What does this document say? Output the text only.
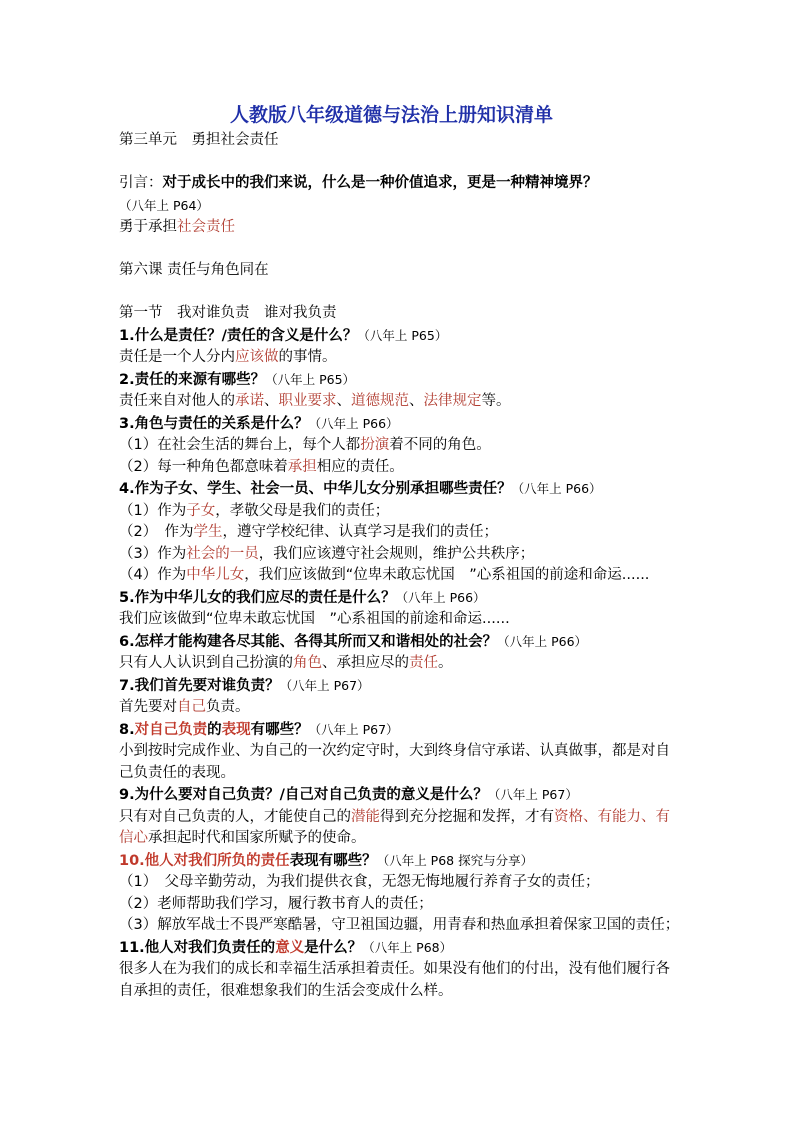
人教版八年级道德与法治上册知识清单
第三单元　勇担社会责任
引言：对于成长中的我们来说，什么是一种价值追求，更是一种精神境界？（八年上 P64）
勇于承担社会责任
第六课 责任与角色同在
第一节　我对谁负责　谁对我负责
1.什么是责任？/责任的含义是什么？（八年上 P65）
责任是一个人分内应该做的事情。
2.责任的来源有哪些？（八年上 P65）
责任来自对他人的承诺、职业要求、道德规范、法律规定等。
3.角色与责任的关系是什么？（八年上 P66）
（1）在社会生活的舞台上，每个人都扮演着不同的角色。
（2）每一种角色都意味着承担相应的责任。
4.作为子女、学生、社会一员、中华儿女分别承担哪些责任？（八年上 P66）
（1）作为子女，孝敬父母是我们的责任；
（2）　作为学生，遵守学校纪律、认真学习是我们的责任；
（3）作为社会的一员，我们应该遵守社会规则，维护公共秩序；
（4）作为中华儿女，我们应该做到“位卑未敢忘忧国　”心系祖国的前途和命运......
5.作为中华儿女的我们应尽的责任是什么？（八年上 P66）
我们应该做到“位卑未敢忘忧国　”心系祖国的前途和命运......
6.怎样才能构建各尽其能、各得其所而又和谐相处的社会？（八年上 P66）
只有人人认识到自己扮演的角色、承担应尽的责任。
7.我们首先要对谁负责？（八年上 P67）
首先要对自己负责。
8.对自己负责的表现有哪些？（八年上 P67）
小到按时完成作业、为自己的一次约定守时，大到终身信守承诺、认真做事，都是对自己负责任的表现。
9.为什么要对自己负责？/自己对自己负责的意义是什么？（八年上 P67）
只有对自己负责的人，才能使自己的潜能得到充分挖掘和发挥，才有资格、有能力、有信心承担起时代和国家所赋予的使命。
10.他人对我们所负的责任表现有哪些？（八年上 P68 探究与分享）
（1）　父母辛勤劳动，为我们提供衣食，无怨无悔地履行养育子女的责任；
（2）老师帮助我们学习，履行教书育人的责任；
（3）解放军战士不畏严寒酷暑，守卫祖国边疆，用青春和热血承担着保家卫国的责任；
11.他人对我们负责任的意义是什么？（八年上 P68）
很多人在为我们的成长和幸福生活承担着责任。如果没有他们的付出，没有他们履行各自承担的责任，很难想象我们的生活会变成什么样。
